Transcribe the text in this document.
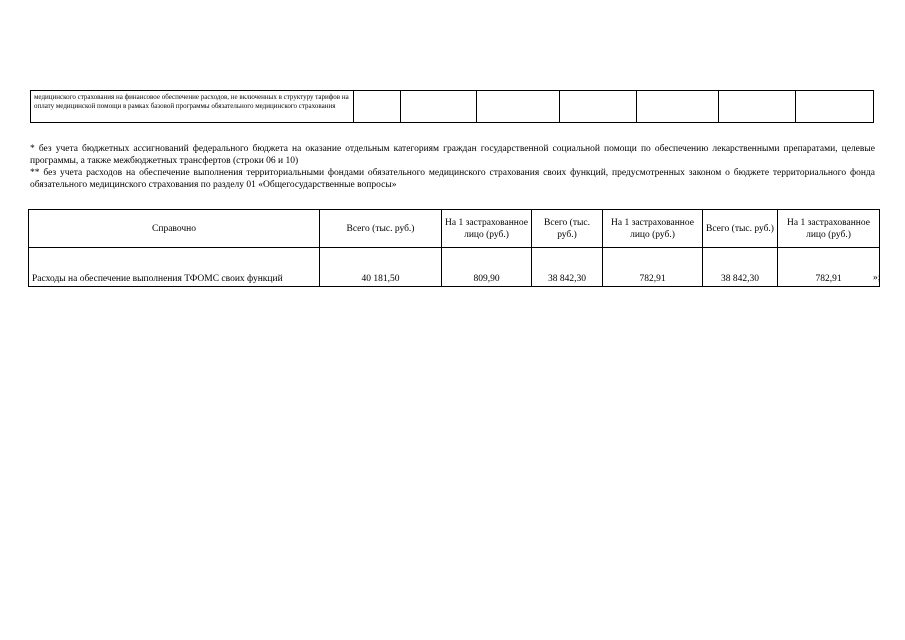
медицинского страхования на финансовое обеспечение расходов, не включенных в структуру тарифов на оплату медицинской помощи в рамках базовой программы обязательного медицинского страхования							

* без учета бюджетных ассигнований федерального бюджета на оказание отдельным категориям граждан государственной социальной помощи по обеспечению лекарственными препаратами, целевые программы, а также межбюджетных трансфертов (строки 06 и 10)

** без учета расходов на обеспечение выполнения территориальными фондами обязательного медицинского страхования своих функций, предусмотренных законом о бюджете территориального фонда обязательного медицинского страхования по разделу 01 «Общегосударственные вопросы»

Справочно	Всего (тыс. руб.)	На 1 застрахованное лицо (руб.)	Всего (тыс. руб.)	На 1 застрахованное лицо (руб.)	Всего (тыс. руб.)	На 1 застрахованное лицо (руб.)
Расходы на обеспечение выполнения ТФОМС своих функций	40 181,50	809,90	38 842,30	782,91	38 842,30	782,91	»;
